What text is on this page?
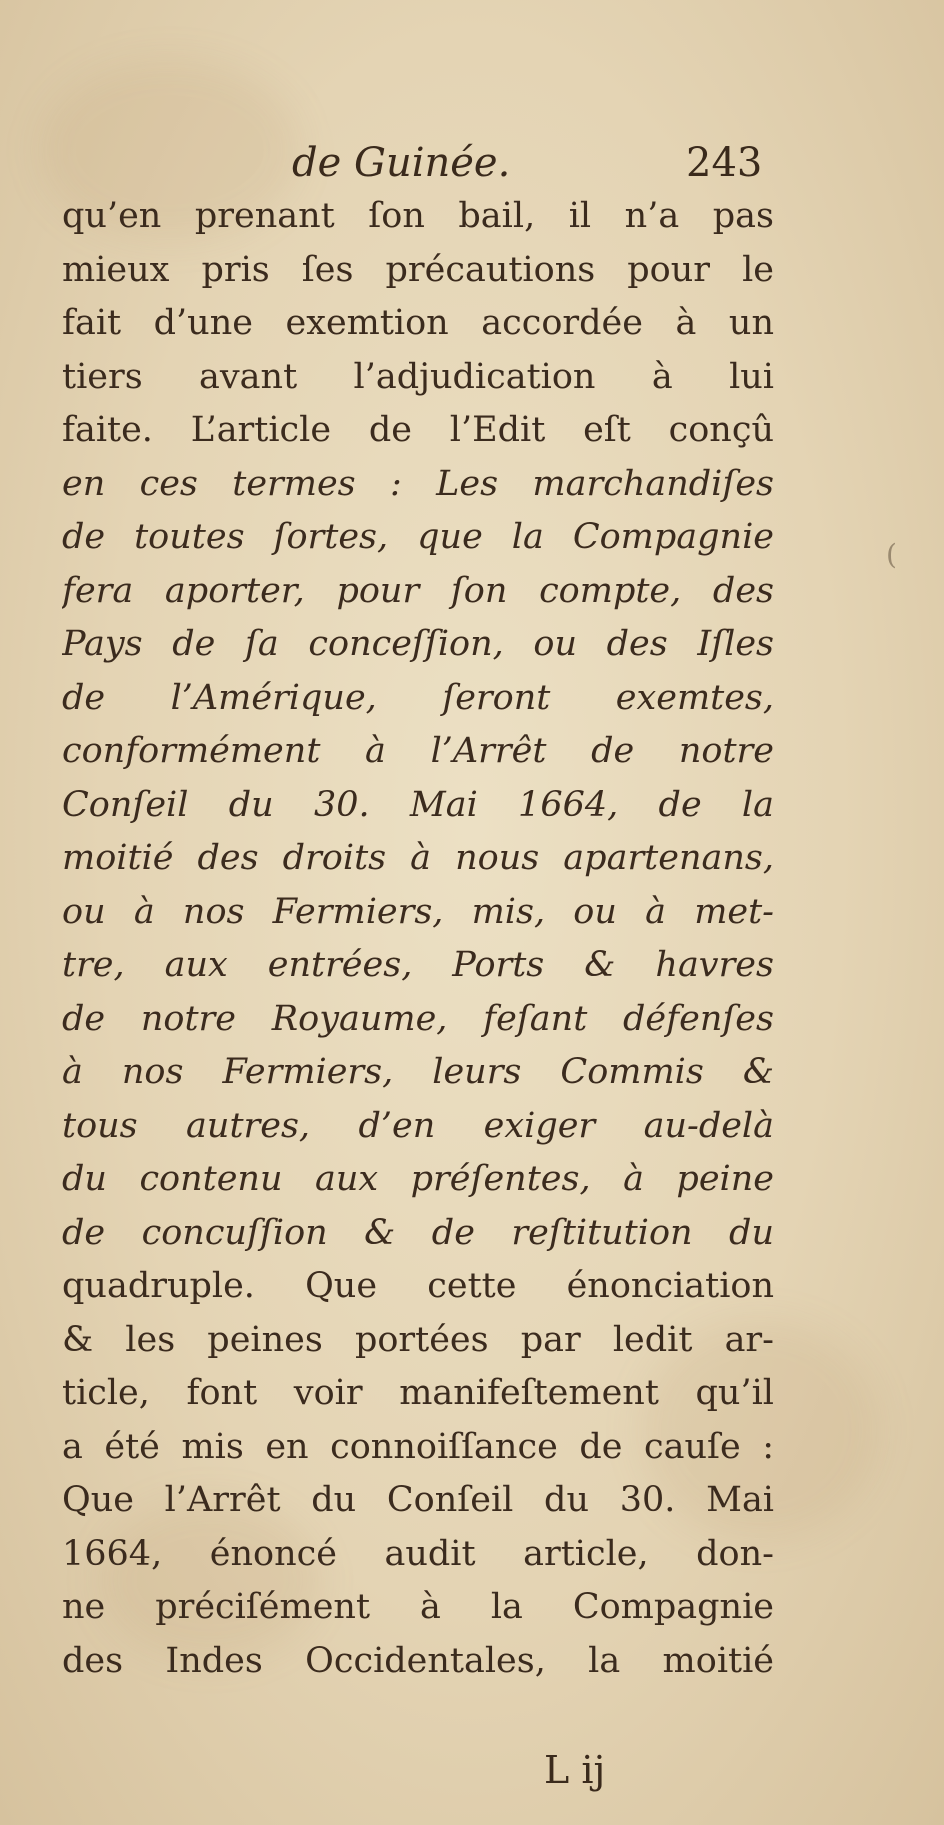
de Guinée.	243
qu’en prenant ſon bail, il n’a pas
mieux pris ſes précautions pour le
fait d’une exemtion accordée à un
tiers avant l’adjudication à lui
faite. L’article de l’Edit eſt conçû
en ces termes : Les marchandiſes
de toutes ſortes, que la Compagnie
fera aporter, pour ſon compte, des
Pays de ſa conceſſion, ou des Iſles
de l’Amérique, ſeront exemtes,
conformément à l’Arrêt de notre
Conſeil du 30. Mai 1664, de la
moitié des droits à nous apartenans,
ou à nos Fermiers, mis, ou à met-
tre, aux entrées, Ports & havres
de notre Royaume, feſant défenſes
à nos Fermiers, leurs Commis &
tous autres, d’en exiger au-delà
du contenu aux préſentes, à peine
de concuſſion & de reſtitution du
quadruple. Que cette énonciation
& les peines portées par ledit ar-
ticle, font voir manifeſtement qu’il
a été mis en connoiſſance de cauſe :
Que l’Arrêt du Conſeil du 30. Mai
1664, énoncé audit article, don-
ne préciſément à la Compagnie
des Indes Occidentales, la moitié
(
L ij
